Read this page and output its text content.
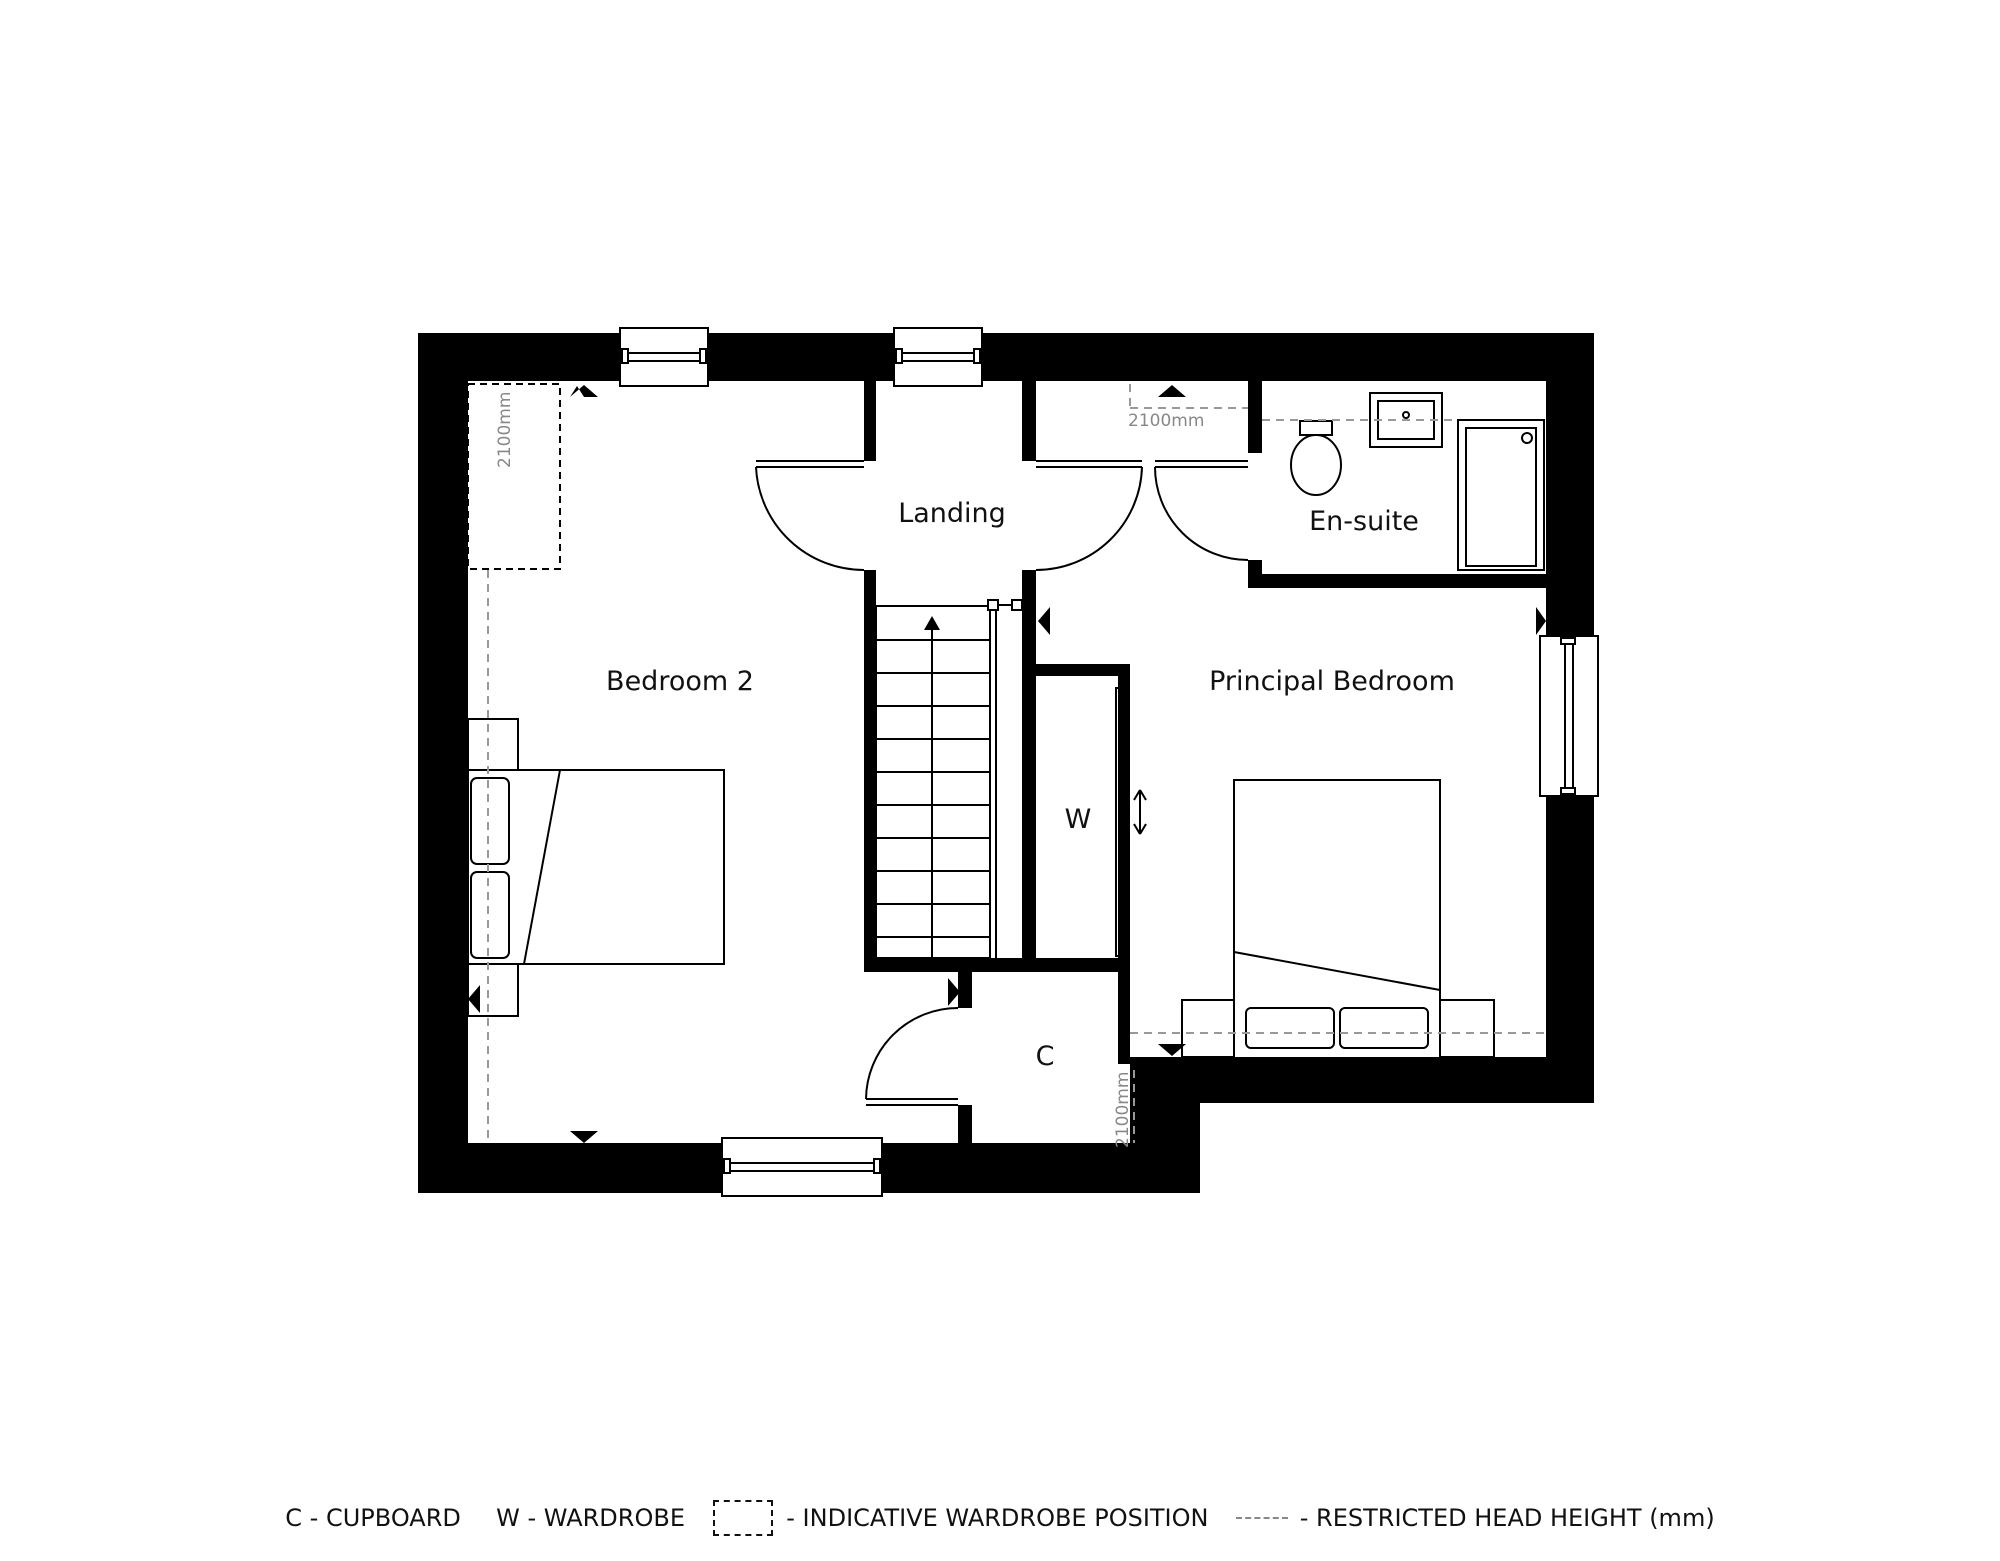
2100mm	2100mm
2100mm
Bedroom 2
Landing	En-suite
Principal Bedroom
W
C
C - CUPBOARD W - WARDROBE	- INDICATIVE WARDROBE POSITION	- RESTRICTED HEAD HEIGHT (mm)
